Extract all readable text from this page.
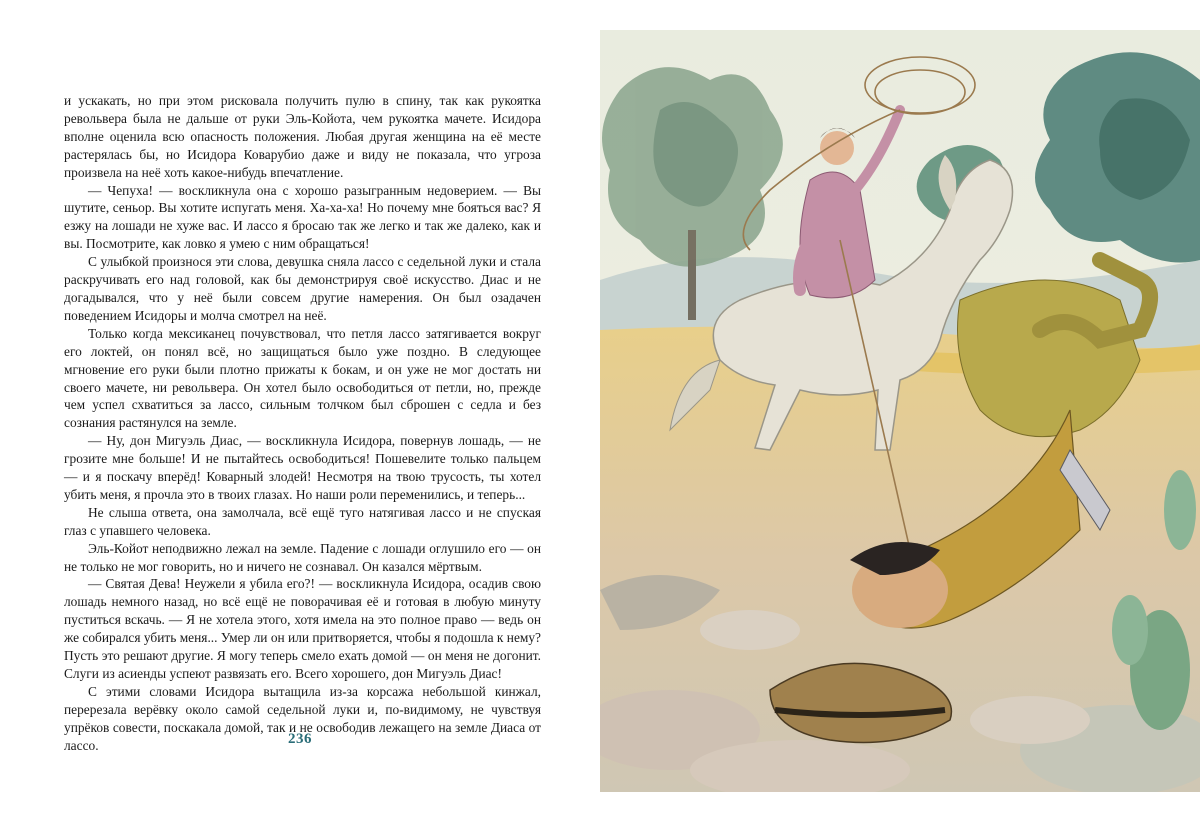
и ускакать, но при этом рисковала получить пулю в спину, так как рукоятка револьвера была не дальше от руки Эль-Койота, чем рукоятка мачете. Исидора вполне оценила всю опасность положения. Любая другая женщина на её месте растерялась бы, но Исидора Коварубио даже и виду не показала, что угроза произвела на неё хоть какое-нибудь впечатление.

— Чепуха! — воскликнула она с хорошо разыгранным недоверием. — Вы шутите, сеньор. Вы хотите испугать меня. Ха-ха-ха! Но почему мне бояться вас? Я езжу на лошади не хуже вас. И лассо я бросаю так же легко и так же далеко, как и вы. Посмотрите, как ловко я умею с ним обращаться!

С улыбкой произнося эти слова, девушка сняла лассо с седельной луки и стала раскручивать его над головой, как бы демонстрируя своё искусство. Диас и не догадывался, что у неё были совсем другие намерения. Он был озадачен поведением Исидоры и молча смотрел на неё.

Только когда мексиканец почувствовал, что петля лассо затягивается вокруг его локтей, он понял всё, но защищаться было уже поздно. В следующее мгновение его руки были плотно прижаты к бокам, и он уже не мог достать ни своего мачете, ни револьвера. Он хотел было освободиться от петли, но, прежде чем успел схватиться за лассо, сильным толчком был сброшен с седла и без сознания растянулся на земле.

— Ну, дон Мигуэль Диас, — воскликнула Исидора, повернув лошадь, — не грозите мне больше! И не пытайтесь освободиться! Пошевелите только пальцем — и я поскачу вперёд! Коварный злодей! Несмотря на твою трусость, ты хотел убить меня, я прочла это в твоих глазах. Но наши роли переменились, и теперь...

Не слыша ответа, она замолчала, всё ещё туго натягивая лассо и не спуская глаз с упавшего человека.

Эль-Койот неподвижно лежал на земле. Падение с лошади оглушило его — он не только не мог говорить, но и ничего не сознавал. Он казался мёртвым.

— Святая Дева! Неужели я убила его?! — воскликнула Исидора, осадив свою лошадь немного назад, но всё ещё не поворачивая её и готовая в любую минуту пуститься вскачь. — Я не хотела этого, хотя имела на это полное право — ведь он же собирался убить меня... Умер ли он или притворяется, чтобы я подошла к нему? Пусть это решают другие. Я могу теперь смело ехать домой — он меня не догонит. Слуги из асиенды успеют развязать его. Всего хорошего, дон Мигуэль Диас!

С этими словами Исидора вытащила из-за корсажа небольшой кинжал, перерезала верёвку около самой седельной луки и, по-видимому, не чувствуя упрёков совести, поскакала домой, так и не освободив лежащего на земле Диаса от лассо.	236
